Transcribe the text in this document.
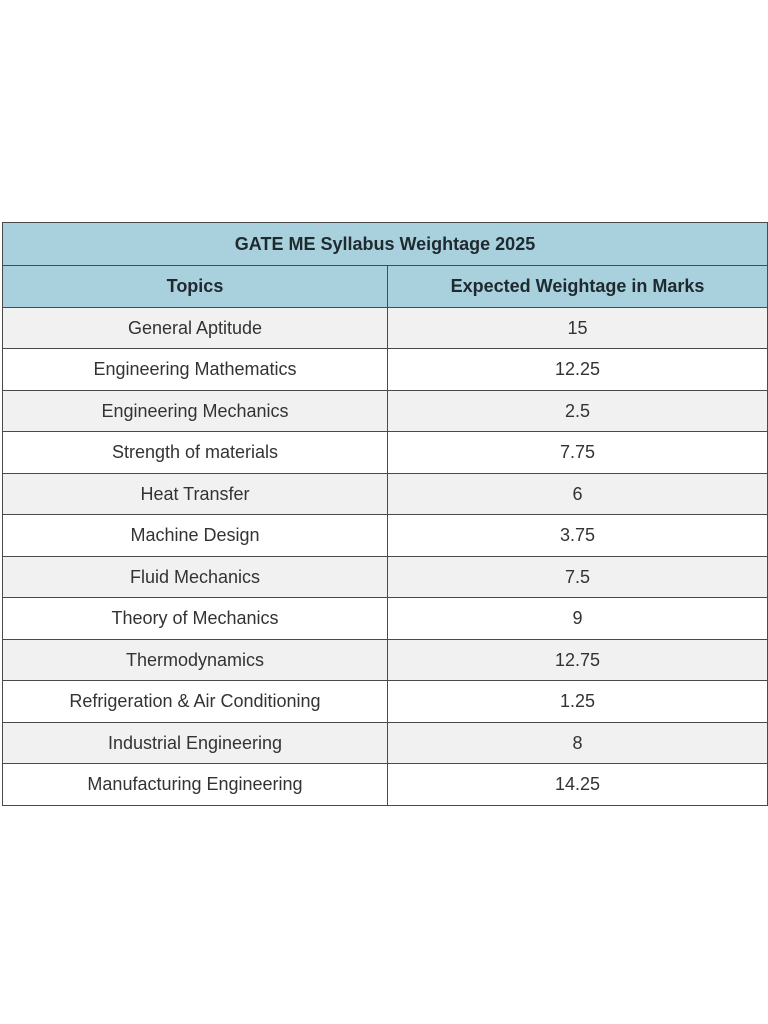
GATE ME Syllabus Weightage 2025	
Topics	Expected Weightage in Marks
General Aptitude	15
Engineering Mathematics	12.25
Engineering Mechanics	2.5
Strength of materials	7.75
Heat Transfer	6
Machine Design	3.75
Fluid Mechanics	7.5
Theory of Mechanics	9
Thermodynamics	12.75
Refrigeration & Air Conditioning	1.25
Industrial Engineering	8
Manufacturing Engineering	14.25
